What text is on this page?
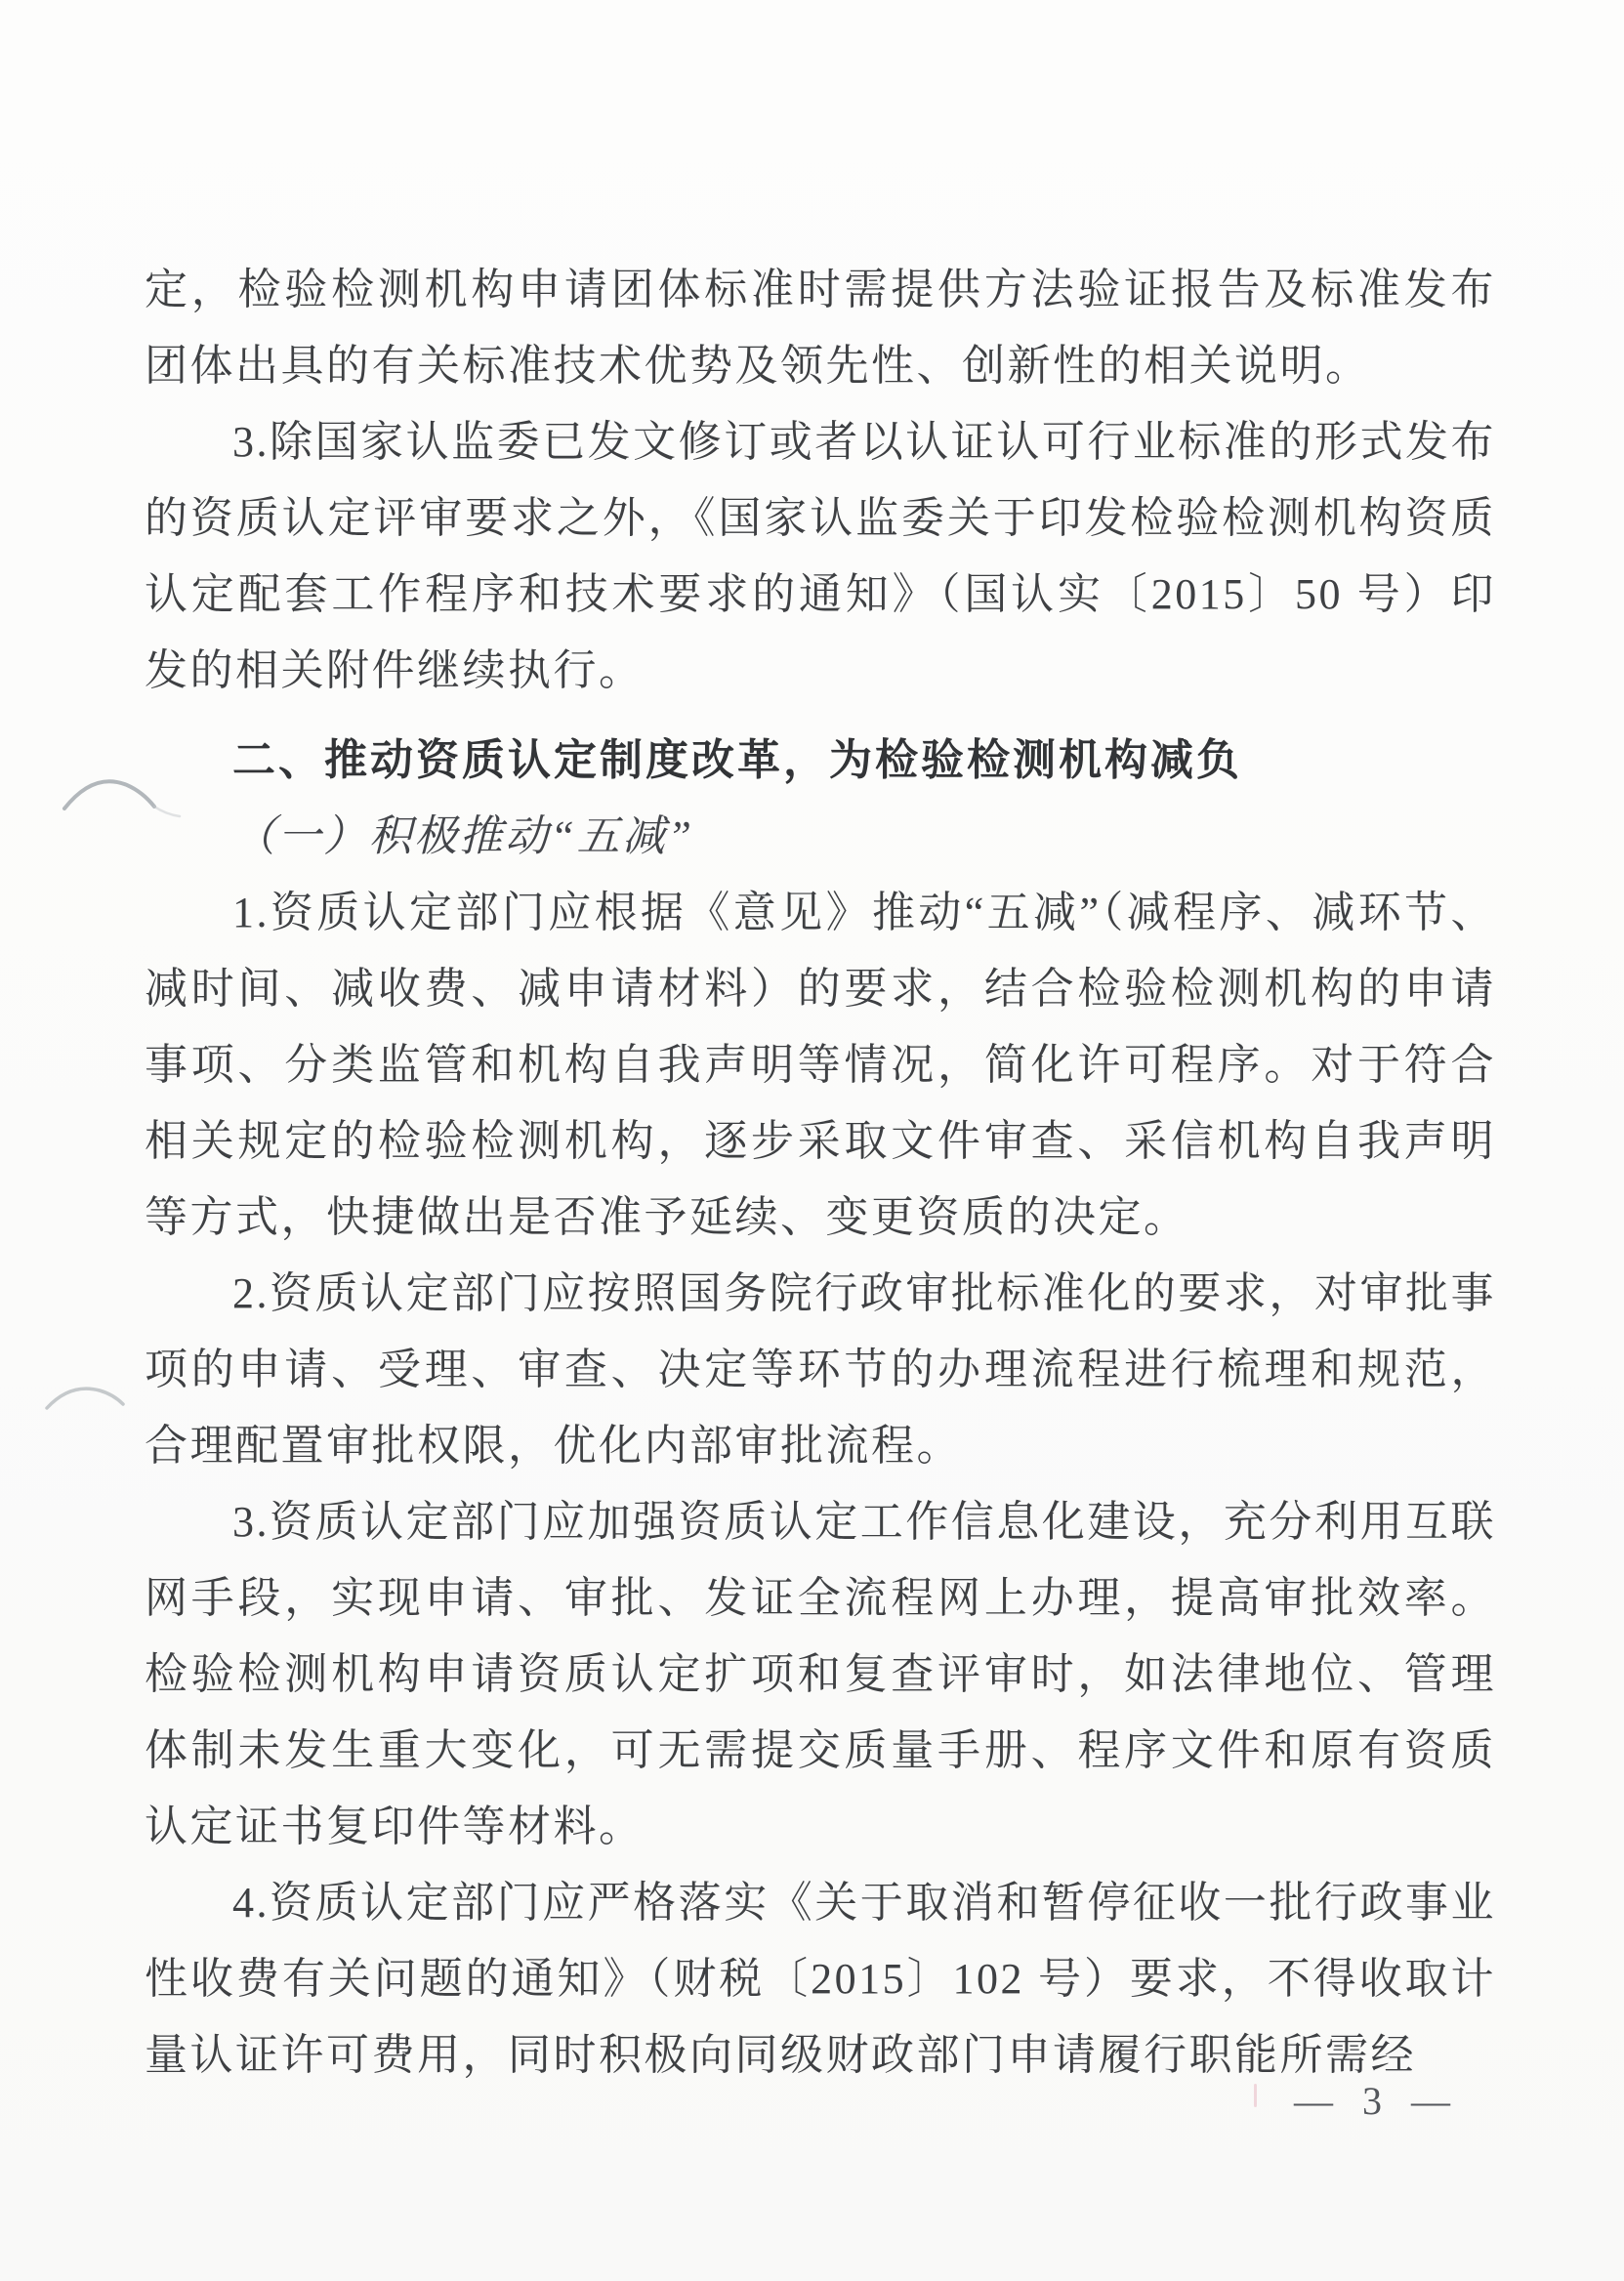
定，检验检测机构申请团体标准时需提供方法验证报告及标准发布团体出具的有关标准技术优势及领先性、创新性的相关说明。

3.除国家认监委已发文修订或者以认证认可行业标准的形式发布的资质认定评审要求之外，《国家认监委关于印发检验检测机构资质认定配套工作程序和技术要求的通知》（国认实〔2015〕50 号）印发的相关附件继续执行。

二、推动资质认定制度改革，为检验检测机构减负
（一）积极推动“五减”

1.资质认定部门应根据《意见》推动“五减”（减程序、减环节、减时间、减收费、减申请材料）的要求，结合检验检测机构的申请事项、分类监管和机构自我声明等情况，简化许可程序。对于符合相关规定的检验检测机构，逐步采取文件审查、采信机构自我声明等方式，快捷做出是否准予延续、变更资质的决定。

2.资质认定部门应按照国务院行政审批标准化的要求，对审批事项的申请、受理、审查、决定等环节的办理流程进行梳理和规范，合理配置审批权限，优化内部审批流程。

3.资质认定部门应加强资质认定工作信息化建设，充分利用互联网手段，实现申请、审批、发证全流程网上办理，提高审批效率。检验检测机构申请资质认定扩项和复查评审时，如法律地位、管理体制未发生重大变化，可无需提交质量手册、程序文件和原有资质认定证书复印件等材料。

4.资质认定部门应严格落实《关于取消和暂停征收一批行政事业性收费有关问题的通知》（财税〔2015〕102 号）要求，不得收取计量认证许可费用，同时积极向同级财政部门申请履行职能所需经

— 3 —
